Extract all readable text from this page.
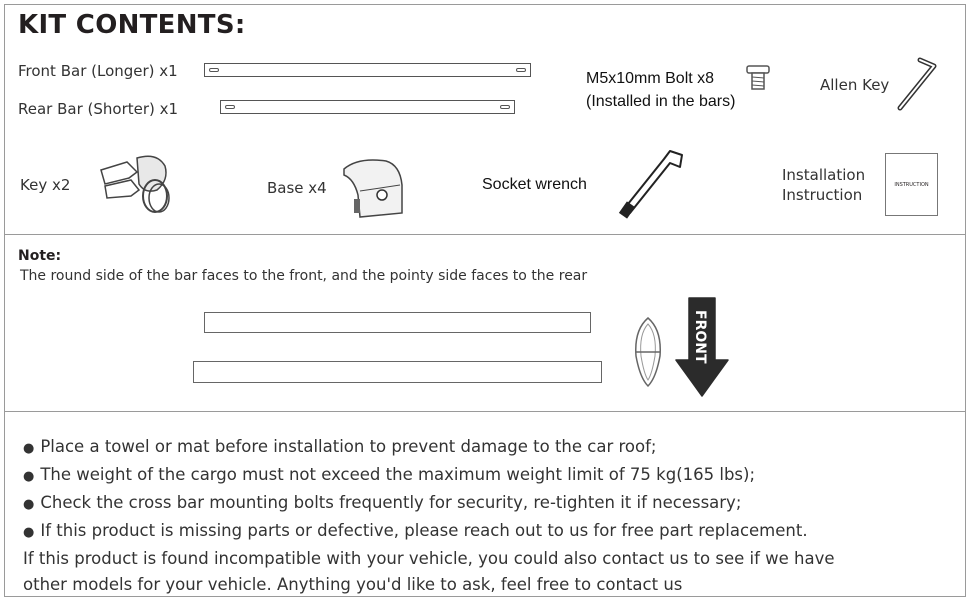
KIT CONTENTS:
Front Bar (Longer) x1
Rear Bar (Shorter) x1
M5x10mm Bolt x8
(Installed in the bars)
Allen Key
Key x2	Base x4	Socket wrench
Installation
Instruction
INSTRUCTION
Note:
The round side of the bar faces to the front, and the pointy side faces to the rear
FRONT
● Place a towel or mat before installation to prevent damage to the car roof;
● The weight of the cargo must not exceed the maximum weight limit of 75 kg(165 lbs);
● Check the cross bar mounting bolts frequently for security, re-tighten it if necessary;
● If this product is missing parts or defective, please reach out to us for free part replacement.

If this product is found incompatible with your vehicle, you could also contact us to see if we have

other models for your vehicle. Anything you'd like to ask, feel free to contact us
